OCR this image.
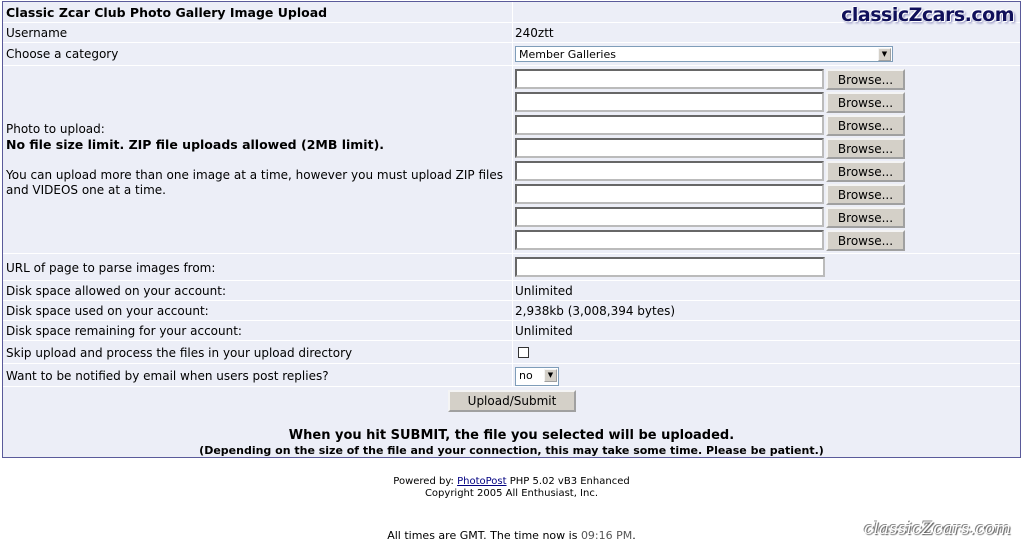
Classic Zcar Club Photo Gallery Image Upload	classicZcars.com
Username	240ztt
Choose a category	Member Galleries	▼
Photo to upload:
No file size limit. ZIP file uploads allowed (2MB limit).
You can upload more than one image at a time, however you must upload ZIP files and VIDEOS one at a time.
Browse...
Browse...
Browse...
Browse...
Browse...
Browse...
Browse...
Browse...
URL of page to parse images from:
Disk space allowed on your account:	Unlimited
Disk space used on your account:	2,938kb (3,008,394 bytes)
Disk space remaining for your account:	Unlimited
Skip upload and process the files in your upload directory
Want to be notified by email when users post replies?	no	▼
Upload/Submit
When you hit SUBMIT, the file you selected will be uploaded.
(Depending on the size of the file and your connection, this may take some time. Please be patient.)
Powered by: PhotoPost PHP 5.02 vB3 Enhanced
Copyright 2005 All Enthusiast, Inc.
All times are GMT. The time now is 09:16 PM.	classicZcars.com
